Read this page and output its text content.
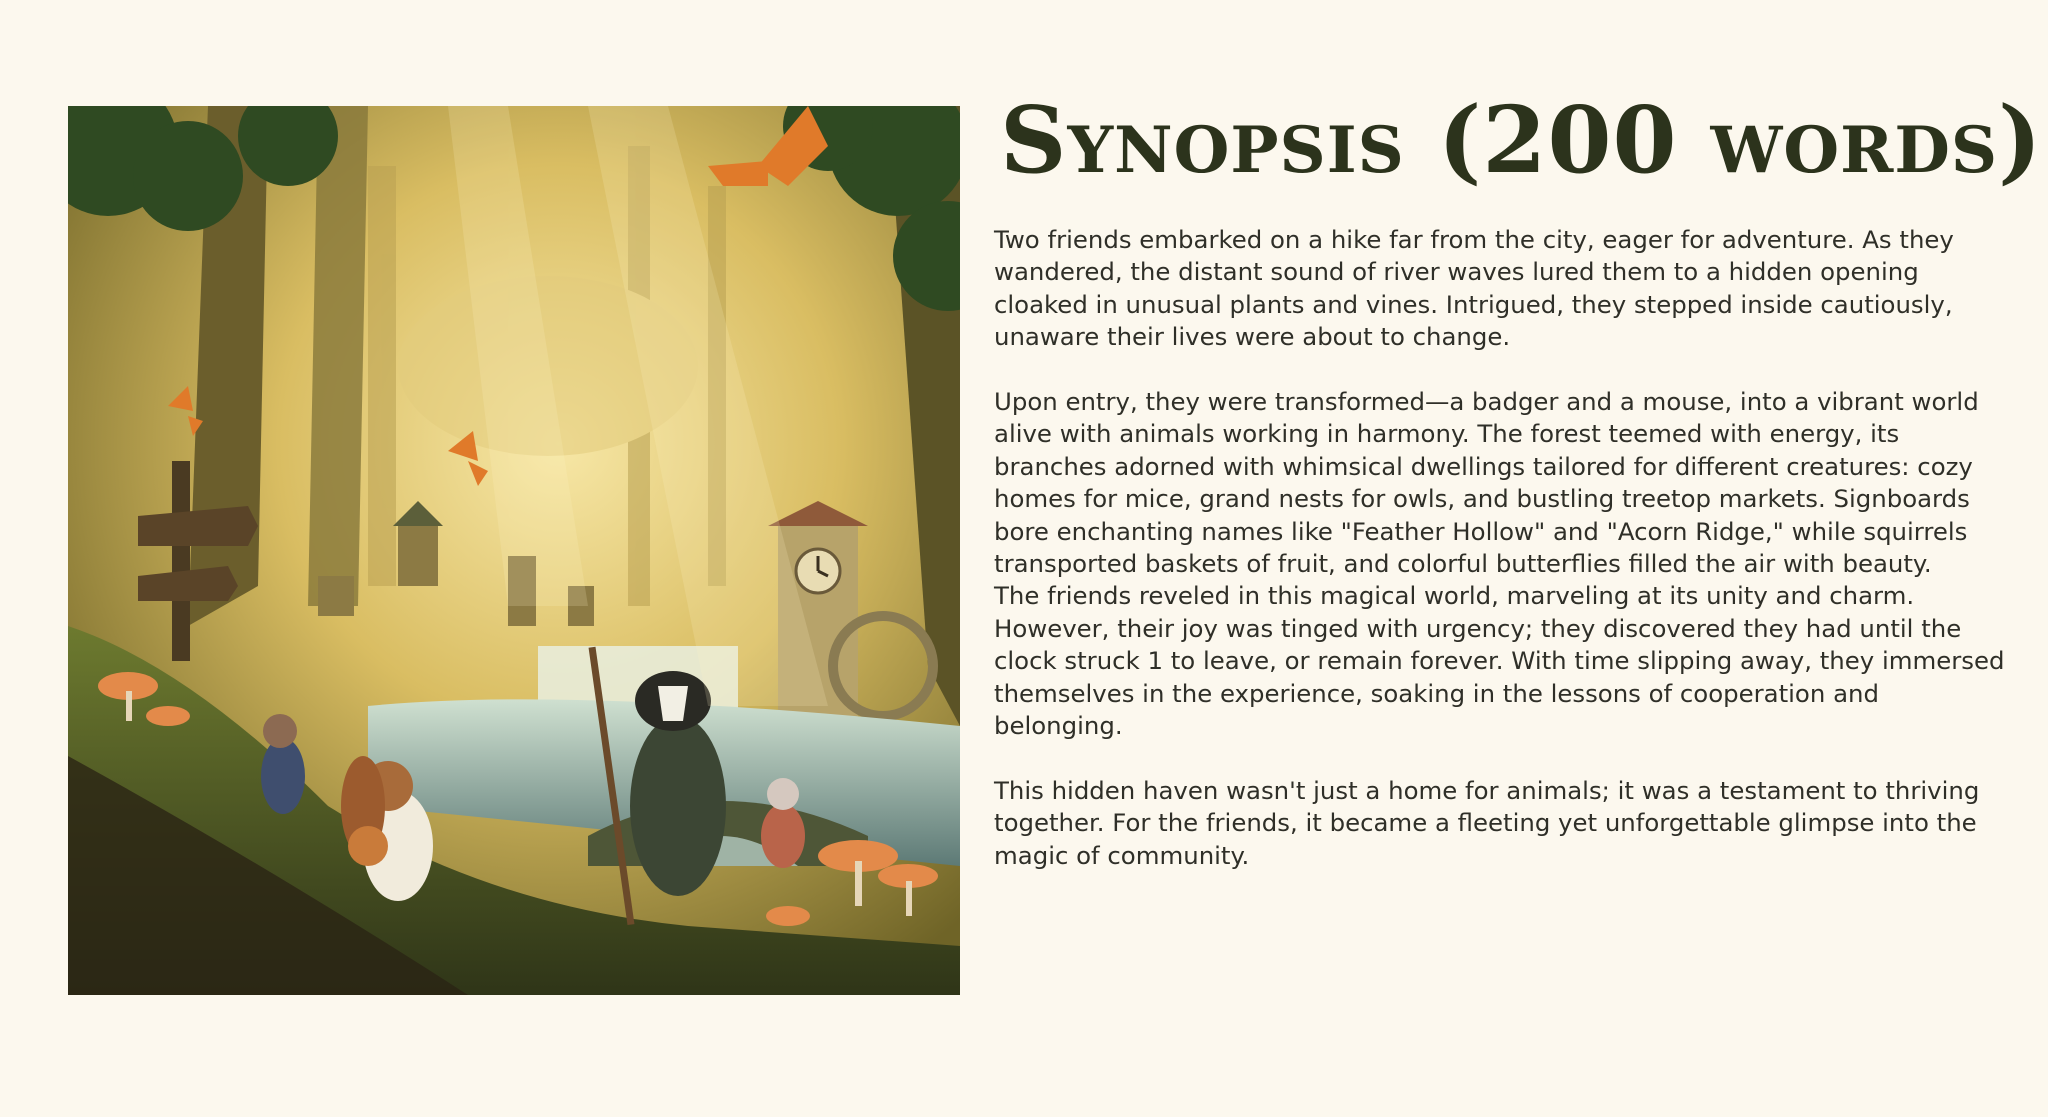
Synopsis (200 words)

Two friends embarked on a hike far from the city, eager for adventure. As they
wandered, the distant sound of river waves lured them to a hidden opening
cloaked in unusual plants and vines. Intrigued, they stepped inside cautiously,
unaware their lives were about to change.

Upon entry, they were transformed—a badger and a mouse, into a vibrant world
alive with animals working in harmony. The forest teemed with energy, its
branches adorned with whimsical dwellings tailored for different creatures: cozy
homes for mice, grand nests for owls, and bustling treetop markets. Signboards
bore enchanting names like "Feather Hollow" and "Acorn Ridge," while squirrels
transported baskets of fruit, and colorful butterflies filled the air with beauty.
The friends reveled in this magical world, marveling at its unity and charm.
However, their joy was tinged with urgency; they discovered they had until the
clock struck 1 to leave, or remain forever. With time slipping away, they immersed
themselves in the experience, soaking in the lessons of cooperation and
belonging.

This hidden haven wasn't just a home for animals; it was a testament to thriving
together. For the friends, it became a fleeting yet unforgettable glimpse into the
magic of community.
